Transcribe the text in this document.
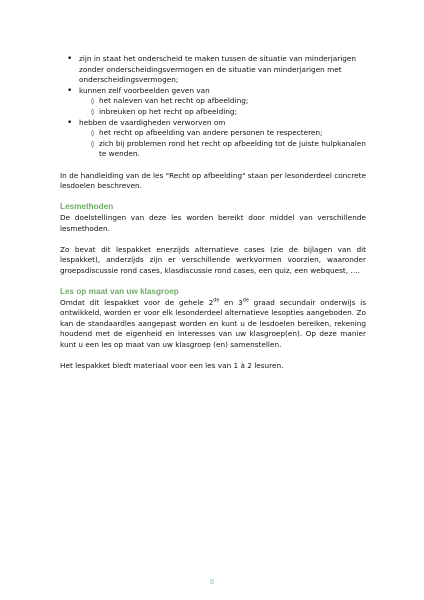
• zijn in staat het onderscheid te maken tussen de situatie van minderjarigen zonder onderscheidingsvermogen en de situatie van minderjarigen met onderscheidingsvermogen;
• kunnen zelf voorbeelden geven van
◊ het naleven van het recht op afbeelding;
◊ inbreuken op het recht op afbeelding;
• hebben de vaardigheden verworven om
◊ het recht op afbeelding van andere personen te respecteren;
◊ zich bij problemen rond het recht op afbeelding tot de juiste hulpkanalen te wenden.

In de handleiding van de les "Recht op afbeelding" staan per lesonderdeel concrete lesdoelen beschreven.

Lesmethoden

De doelstellingen van deze les worden bereikt door middel van verschillende lesmethoden.

Zo bevat dit lespakket enerzijds alternatieve cases (zie de bijlagen van dit lespakket), anderzijds zijn er verschillende werkvormen voorzien, waaronder groepsdiscussie rond cases, klasdiscussie rond cases, een quiz, een webquest, ….

Les op maat van uw klasgroep

Omdat dit lespakket voor de gehele 2de en 3de graad secundair onderwijs is ontwikkeld, worden er voor elk lesonderdeel alternatieve lesopties aangeboden. Zo kan de standaardles aangepast worden en kunt u de lesdoelen bereiken, rekening houdend met de eigenheid en interesses van uw klasgroep(en). Op deze manier kunt u een les op maat van uw klasgroep (en) samenstellen.

Het lespakket biedt materiaal voor een les van 1 à 2 lesuren.

6
